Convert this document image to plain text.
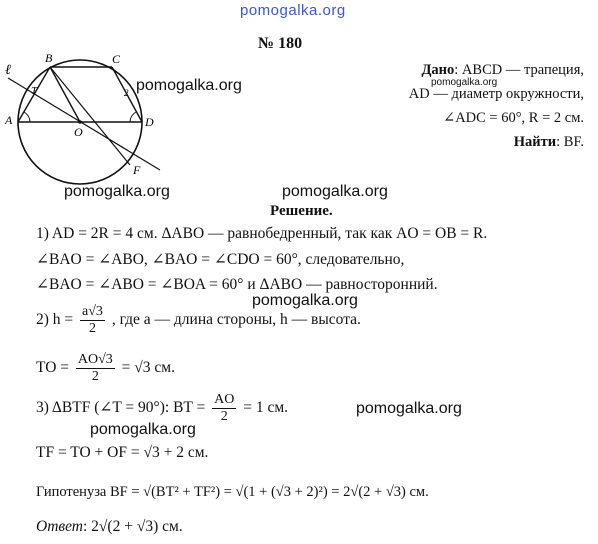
pomogalka.org
pomogalka.org
pomogalka.org	pomogalka.org
pomogalka.org
pomogalka.org
pomogalka.org
pomogalka.org
№ 180
Дано: ABCD — трапеция,
AD — диаметр окружности,
∠ADC = 60°, R = 2 см.
Найти: BF.
B	C
A	D
O
F
T
ℓ
2
Решение.
1) AD = 2R = 4 см. ΔABO — равнобедренный, так как AO = OB = R.
∠BAO = ∠ABO, ∠BAO = ∠CDO = 60°, следовательно,
∠BAO = ∠ABO = ∠BOA = 60° и ΔABO — равносторонний.
2) $h = \frac{a√3}{2}$ , где a — длина стороны, h — высота.
TO = $\frac{AO√3}{2} = √3$ см.
3) ΔBTF (∠T = 90°): BT = $\frac{AO}{2} = 1$ см.
TF = TO + OF = √3 + 2 см.
Гипотенуза BF = √(BT² + TF²) = √(1 + (√3 + 2)²) = 2√(2 + √3) см.
Ответ: 2√(2 + √3) см.
